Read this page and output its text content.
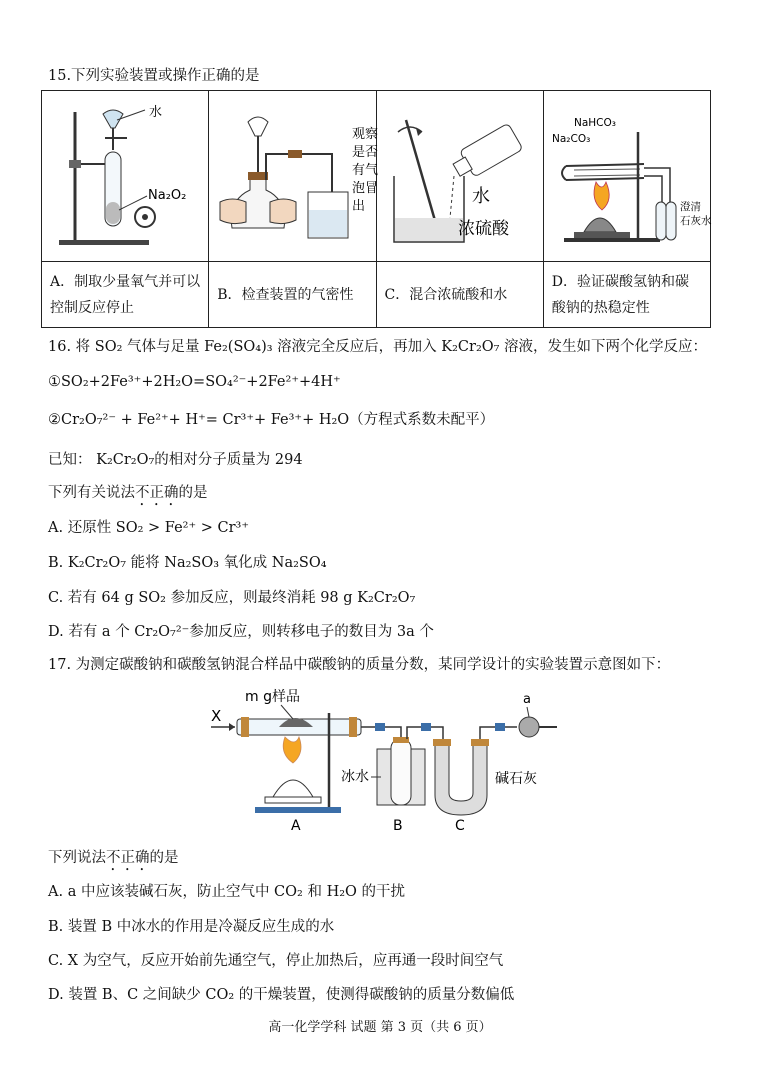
15.下列实验装置或操作正确的是
水
Na₂O₂	观察
是否
有气
泡冒
出	水
浓硫酸	NaHCO₃
Na₂CO₃
澄清
石灰水

A．制取少量氧气并可以控制反应停止	B．检查装置的气密性	C．混合浓硫酸和水	D．验证碳酸氢钠和碳酸钠的热稳定性
16. 将 SO₂ 气体与足量 Fe₂(SO₄)₃ 溶液完全反应后，再加入 K₂Cr₂O₇ 溶液，发生如下两个化学反应：
①SO₂+2Fe³⁺+2H₂O=SO₄²⁻+2Fe²⁺+4H⁺
②Cr₂O₇²⁻ + Fe²⁺+ H⁺= Cr³⁺+ Fe³⁺+ H₂O（方程式系数未配平）
已知： K₂Cr₂O₇的相对分子质量为 294
下列有关说法不正确的是
A. 还原性 SO₂ > Fe²⁺ > Cr³⁺
B. K₂Cr₂O₇ 能将 Na₂SO₃ 氧化成 Na₂SO₄
C. 若有 64 g SO₂ 参加反应，则最终消耗 98 g K₂Cr₂O₇
D. 若有 a 个 Cr₂O₇²⁻参加反应，则转移电子的数目为 3a 个
17. 为测定碳酸钠和碳酸氢钠混合样品中碳酸钠的质量分数，某同学设计的实验装置示意图如下：
X
m g样品
冰水	碱石灰
a
A	B	C
下列说法不正确的是
A. a 中应该装碱石灰，防止空气中 CO₂ 和 H₂O 的干扰
B. 装置 B 中冰水的作用是冷凝反应生成的水
C. X 为空气，反应开始前先通空气，停止加热后，应再通一段时间空气
D. 装置 B、C 之间缺少 CO₂ 的干燥装置，使测得碳酸钠的质量分数偏低
高一化学学科 试题 第 3 页（共 6 页）
